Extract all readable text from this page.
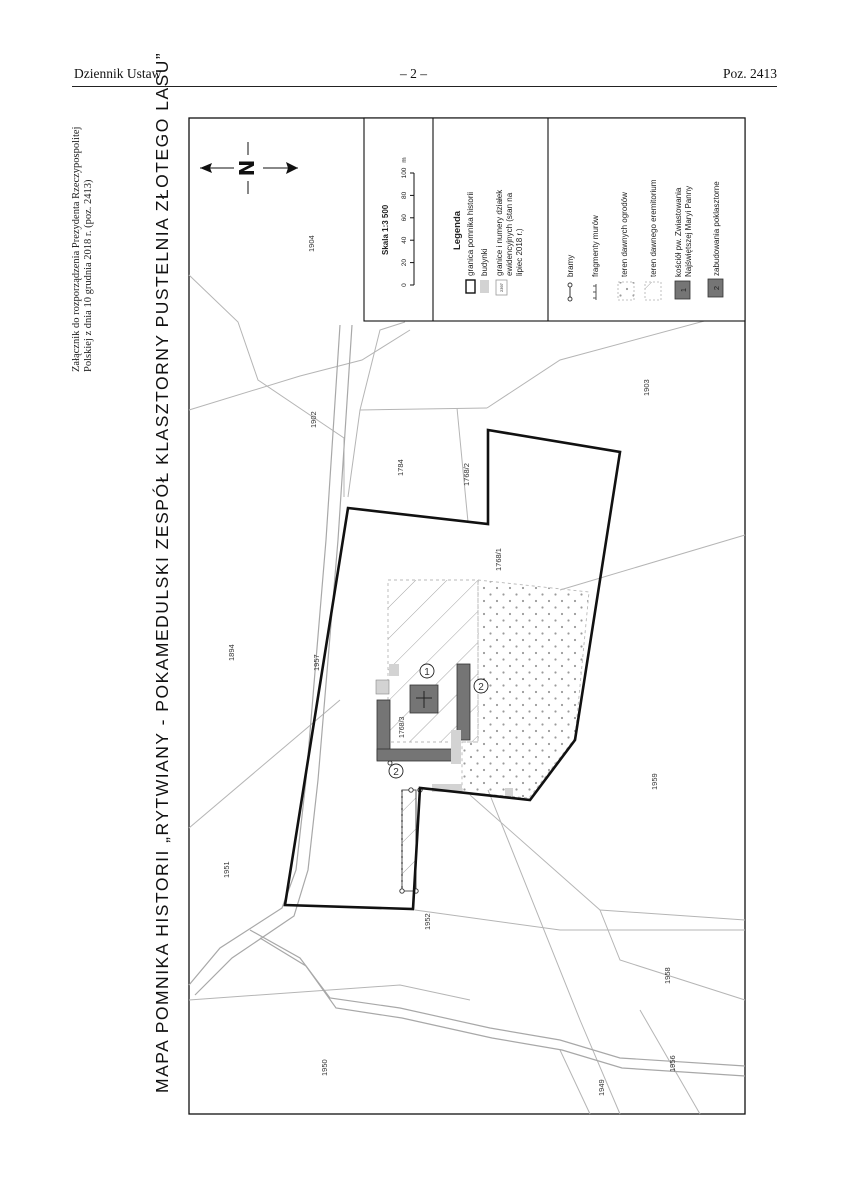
Dziennik Ustaw	– 2 –	Poz. 2413
Załącznik do rozporządzenia Prezydenta Rzeczypospolitej Polskiej z dnia 10 grudnia 2018 r. (poz. 2413)	MAPA POMNIKA HISTORII „RYTWIANY - POKAMEDULSKI ZESPÓŁ KLASZTORNY PUSTELNIA ZŁOTEGO LASU”	1
2
2
1904
1902
1784	1768/2
1903
1768/1
1894
1957
1768/3
1959
1951
1952
1958
1950
1949
1956
N
Skala 1:3 500
0
20
40
60
80
100
m
Legenda granica pomnika historii budynki
2397
granice i numery działek ewidencyjnych (stan na lipiec 2018 r.)	bramy fragmenty murów	teren dawnych ogrodów	teren dawnego eremitorium
1
kościół pw. Zwiastowania Najświętszej Maryi Panny
2
zabudowania poklasztorne
